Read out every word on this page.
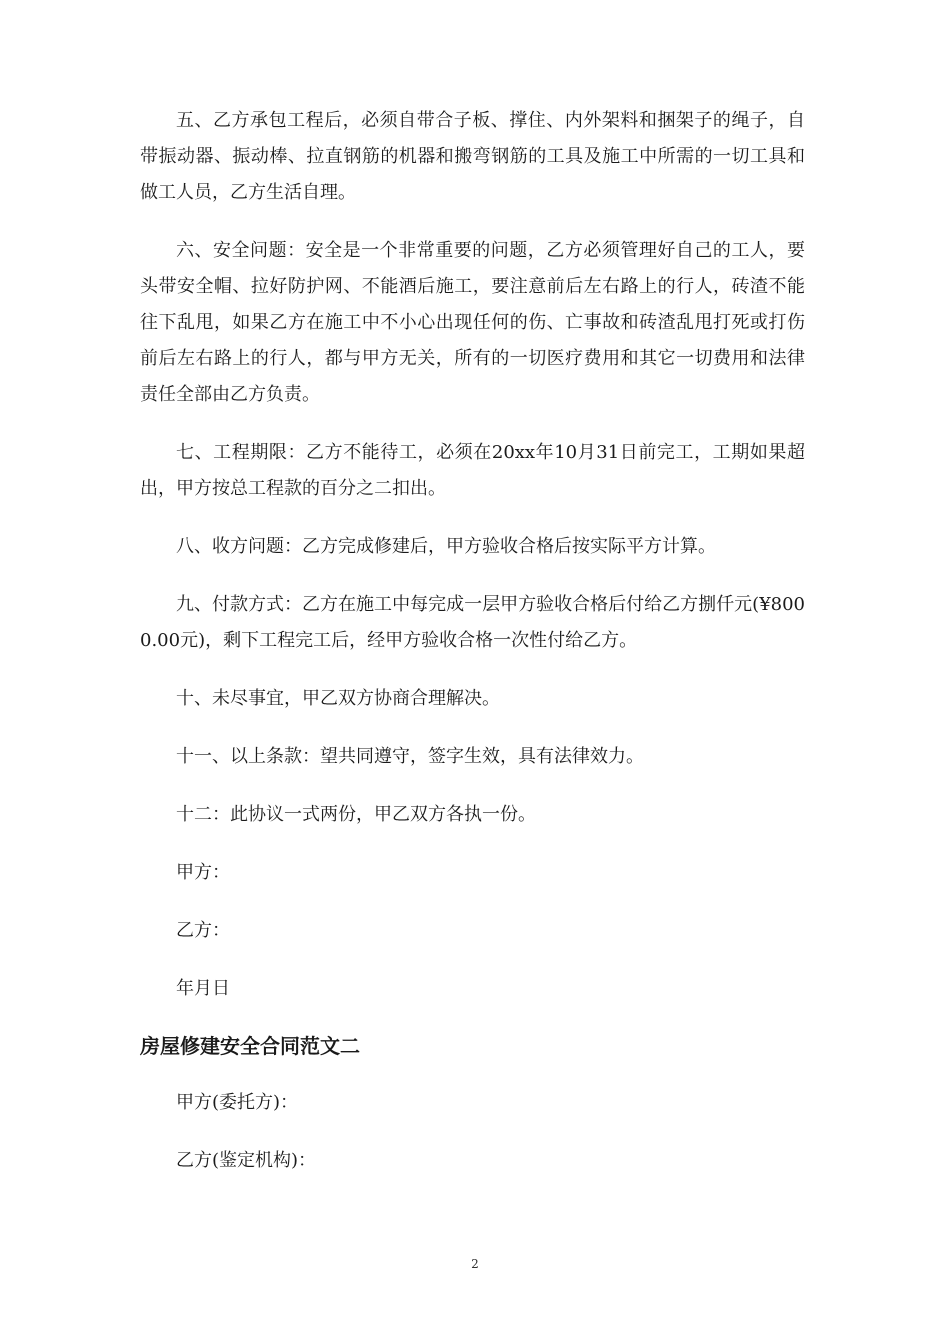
五、乙方承包工程后，必须自带合子板、撑住、内外架料和捆架子的绳子，自带振动器、振动棒、拉直钢筋的机器和搬弯钢筋的工具及施工中所需的一切工具和做工人员，乙方生活自理。

六、安全问题：安全是一个非常重要的问题，乙方必须管理好自己的工人，要头带安全帽、拉好防护网、不能酒后施工，要注意前后左右路上的行人，砖渣不能往下乱甩，如果乙方在施工中不小心出现任何的伤、亡事故和砖渣乱甩打死或打伤前后左右路上的行人，都与甲方无关，所有的一切医疗费用和其它一切费用和法律责任全部由乙方负责。

七、工程期限：乙方不能待工，必须在20xx年10月31日前完工，工期如果超出，甲方按总工程款的百分之二扣出。

八、收方问题：乙方完成修建后，甲方验收合格后按实际平方计算。

九、付款方式：乙方在施工中每完成一层甲方验收合格后付给乙方捌仟元(¥8000.00元)，剩下工程完工后，经甲方验收合格一次性付给乙方。

十、未尽事宜，甲乙双方协商合理解决。

十一、以上条款：望共同遵守，签字生效，具有法律效力。

十二：此协议一式两份，甲乙双方各执一份。

甲方：

乙方：

年月日

房屋修建安全合同范文二

甲方(委托方)：

乙方(鉴定机构)：

2
